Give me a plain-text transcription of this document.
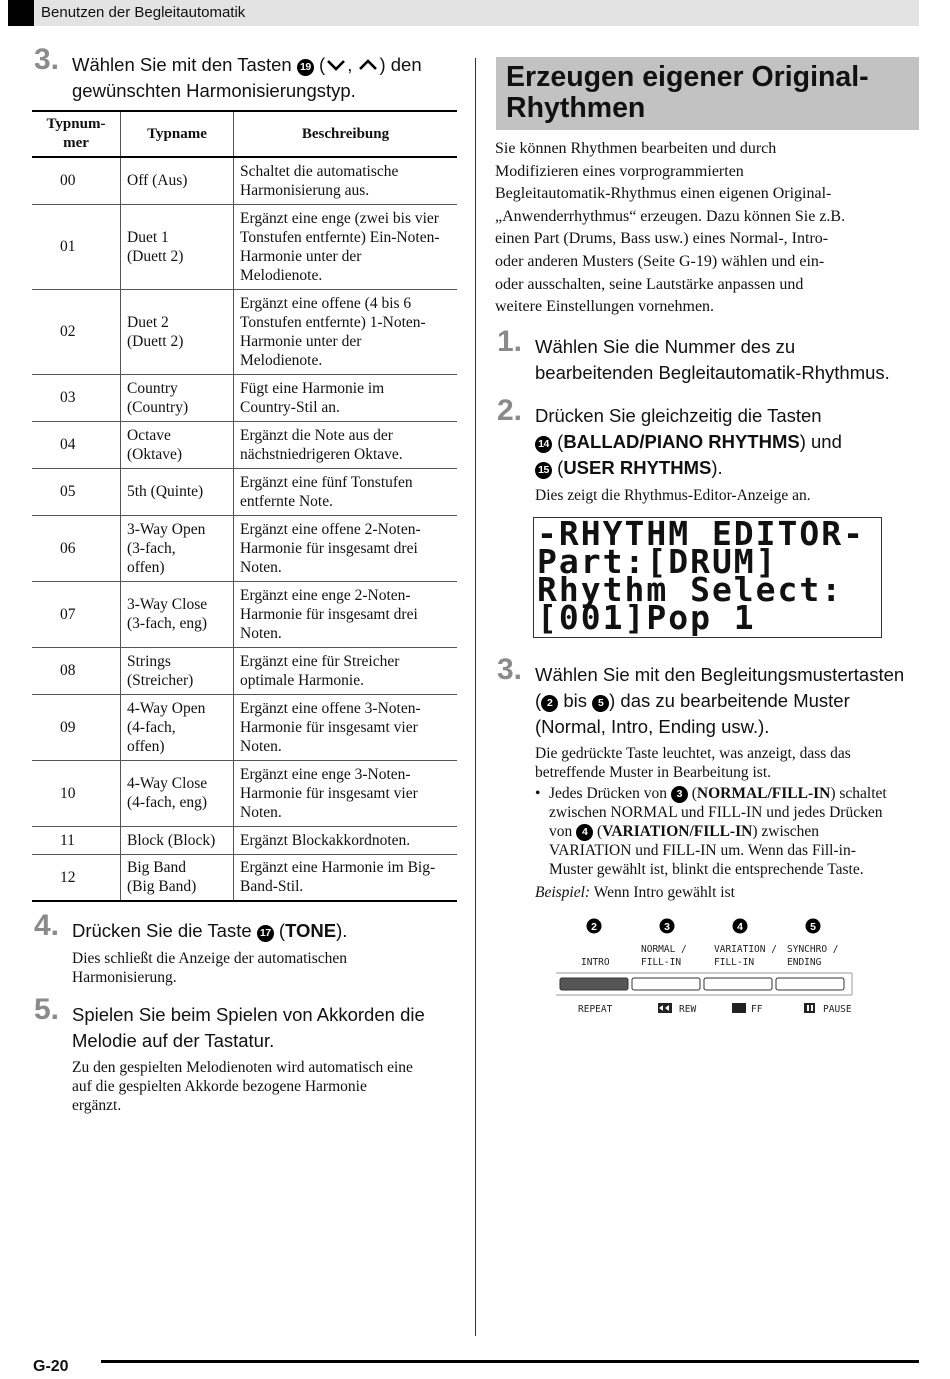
Benutzen der Begleitautomatik
3. Wählen Sie mit den Tasten 19 ( , ) den
gewünschten Harmonisierungstyp.
Typnum-
mer	Typname	Beschreibung
00	Off (Aus)	Schaltet die automatische
Harmonisierung aus.
01	Duet 1
(Duett 2)	Ergänzt eine enge (zwei bis vier
Tonstufen entfernte) Ein-Noten-
Harmonie unter der
Melodienote.
02	Duet 2
(Duett 2)	Ergänzt eine offene (4 bis 6
Tonstufen entfernte) 1-Noten-
Harmonie unter der
Melodienote.
03	Country
(Country)	Fügt eine Harmonie im
Country-Stil an.
04	Octave
(Oktave)	Ergänzt die Note aus der
nächstniedrigeren Oktave.
05	5th (Quinte)	Ergänzt eine fünf Tonstufen
entfernte Note.
06	3-Way Open
(3-fach,
offen)	Ergänzt eine offene 2-Noten-
Harmonie für insgesamt drei
Noten.
07	3-Way Close
(3-fach, eng)	Ergänzt eine enge 2-Noten-
Harmonie für insgesamt drei
Noten.
08	Strings
(Streicher)	Ergänzt eine für Streicher
optimale Harmonie.
09	4-Way Open
(4-fach,
offen)	Ergänzt eine offene 3-Noten-
Harmonie für insgesamt vier
Noten.
10	4-Way Close
(4-fach, eng)	Ergänzt eine enge 3-Noten-
Harmonie für insgesamt vier
Noten.
11	Block (Block)	Ergänzt Blockakkordnoten.
12	Big Band
(Big Band)	Ergänzt eine Harmonie im Big-
Band-Stil.
4. Drücken Sie die Taste 17 (TONE).
Dies schließt die Anzeige der automatischen
Harmonisierung.
5. Spielen Sie beim Spielen von Akkorden die
Melodie auf der Tastatur.
Zu den gespielten Melodienoten wird automatisch eine
auf die gespielten Akkorde bezogene Harmonie
ergänzt.
Erzeugen eigener Original-
Rhythmen
Sie können Rhythmen bearbeiten und durch
Modifizieren eines vorprogrammierten
Begleitautomatik-Rhythmus einen eigenen Original-
„Anwenderrhythmus“ erzeugen. Dazu können Sie z.B.
einen Part (Drums, Bass usw.) eines Normal-, Intro-
oder anderen Musters (Seite G-19) wählen und ein-
oder ausschalten, seine Lautstärke anpassen und
weitere Einstellungen vornehmen.
1. Wählen Sie die Nummer des zu
bearbeitenden Begleitautomatik-Rhythmus.
2. Drücken Sie gleichzeitig die Tasten
14 (BALLAD/PIANO RHYTHMS) und
15 (USER RHYTHMS).
Dies zeigt die Rhythmus-Editor-Anzeige an.
-RHYTHM EDITOR-
Part:[DRUM]
Rhythm Select:
[001]Pop 1
3. Wählen Sie mit den Begleitungsmustertasten
( 2 bis 5 ) das zu bearbeitende Muster
(Normal, Intro, Ending usw.).
Die gedrückte Taste leuchtet, was anzeigt, dass das
betreffende Muster in Bearbeitung ist.
• Jedes Drücken von 3 (NORMAL/FILL-IN) schaltet
zwischen NORMAL und FILL-IN und jedes Drücken
von 4 (VARIATION/FILL-IN) zwischen
VARIATION und FILL-IN um. Wenn das Fill-in-
Muster gewählt ist, blinkt die entsprechende Taste.
Beispiel: Wenn Intro gewählt ist
2
INTRO
REPEAT
3
NORMAL /
FILL-IN
REW
4
VARIATION /
FILL-IN
FF
5
SYNCHRO /
ENDING
PAUSE
G-20
